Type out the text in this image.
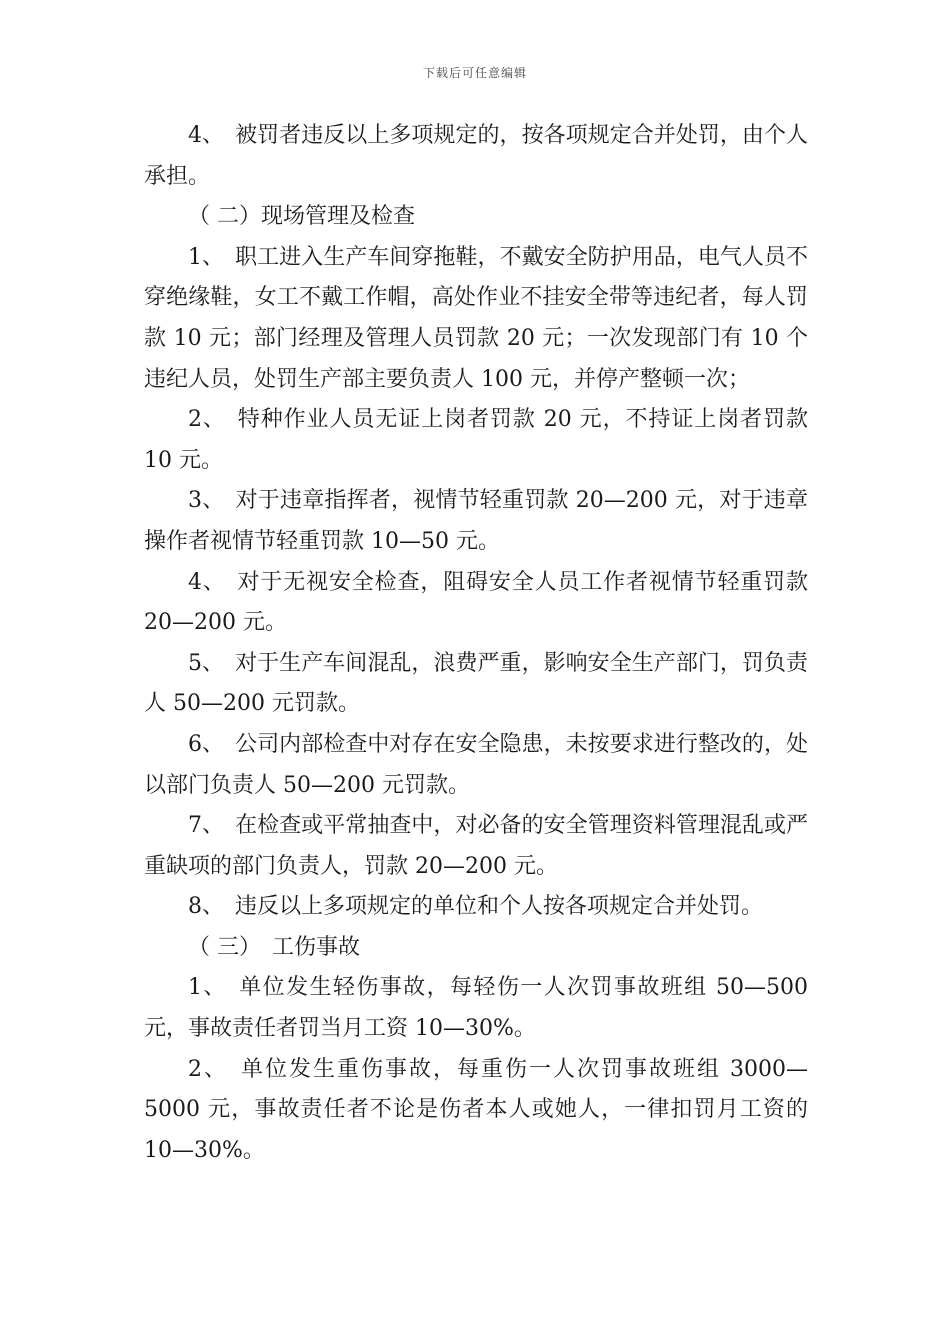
下载后可任意编辑

4、　被罚者违反以上多项规定的，按各项规定合并处罚，由个人承担。

（ 二）现场管理及检查

1、　职工进入生产车间穿拖鞋，不戴安全防护用品，电气人员不穿绝缘鞋，女工不戴工作帽，高处作业不挂安全带等违纪者，每人罚款 10 元；部门经理及管理人员罚款 20 元；一次发现部门有 10 个违纪人员，处罚生产部主要负责人 100 元，并停产整顿一次；

2、　特种作业人员无证上岗者罚款 20 元，不持证上岗者罚款 10 元。

3、　对于违章指挥者，视情节轻重罚款 20—200 元，对于违章操作者视情节轻重罚款 10—50 元。

4、　对于无视安全检查，阻碍安全人员工作者视情节轻重罚款 20—200 元。

5、　对于生产车间混乱，浪费严重，影响安全生产部门，罚负责人 50—200 元罚款。

6、　公司内部检查中对存在安全隐患，未按要求进行整改的，处以部门负责人 50—200 元罚款。

7、　在检查或平常抽查中，对必备的安全管理资料管理混乱或严重缺项的部门负责人，罚款 20—200 元。

8、　违反以上多项规定的单位和个人按各项规定合并处罚。

（ 三）　工伤事故

1、　单位发生轻伤事故，每轻伤一人次罚事故班组 50—500 元，事故责任者罚当月工资 10—30%。

2、　单位发生重伤事故，每重伤一人次罚事故班组 3000—5000 元，事故责任者不论是伤者本人或她人，一律扣罚月工资的 10—30%。
